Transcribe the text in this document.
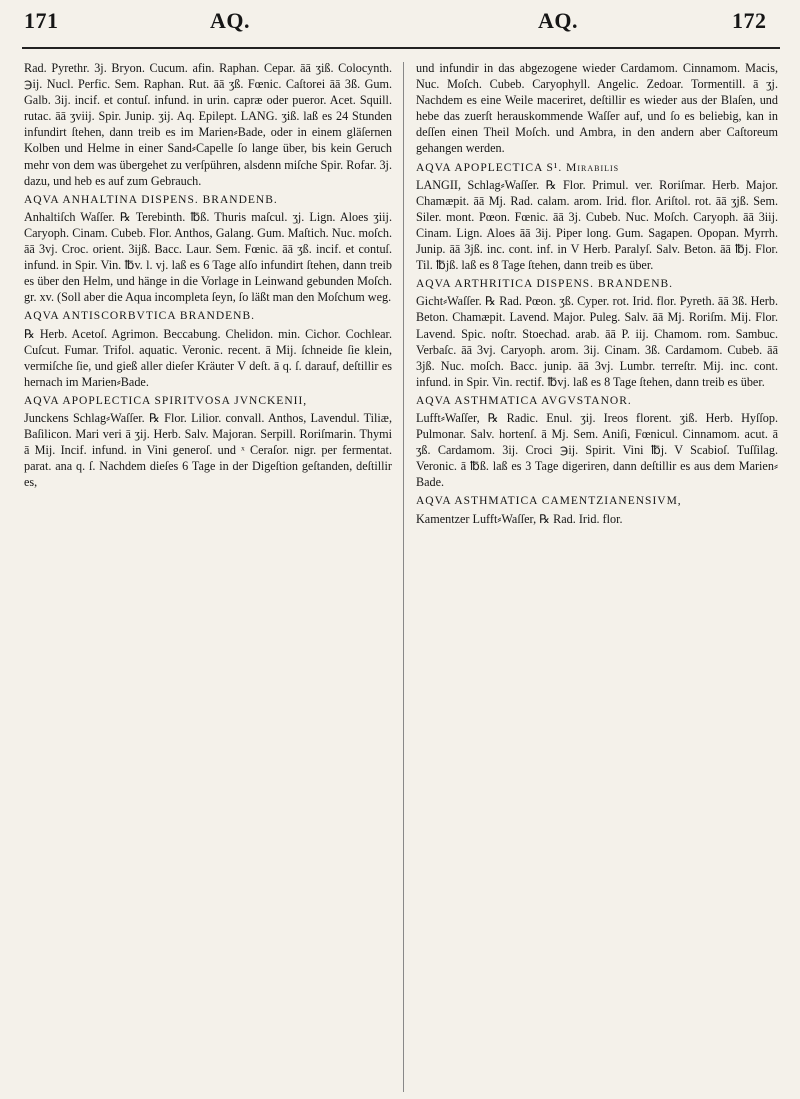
171	AQ.	AQ.	172

Rad. Pyrethr. 3j. Bryon. Cucum. afin. Raphan. Cepar. āā ʒiß. Colocynth. ℈ij. Nucl. Perfic. Sem. Raphan. Rut. āā ʒß. Fœnic. Caſtorei āā 3ß. Gum. Galb. 3ij. incif. et contuſ. infund. in urin. capræ oder pueror. Acet. Squill. rutac. āā ʒviij. Spir. Junip. ʒij. Aq. Epilept. LANG. ʒiß. laß es 24 Stunden infundirt ſtehen, dann treib es im Marien⸗Bade, oder in einem gläſernen Kolben und Helme in einer Sand⸗Capelle ſo lange über, bis kein Geruch mehr von dem was übergehet zu verſpühren, alsdenn miſche Spir. Rofar. 3j. dazu, und heb es auf zum Gebrauch.

AQVA ANHALTINA DISPENS. BRANDENB.

Anhaltiſch Waſſer. ℞ Terebinth. ℔ß. Thuris maſcul. ʒj. Lign. Aloes ʒiij. Caryoph. Cinam. Cubeb. Flor. Anthos, Galang. Gum. Maſtich. Nuc. moſch. āā 3vj. Croc. orient. 3ijß. Bacc. Laur. Sem. Fœnic. āā ʒß. incif. et contuſ. infund. in Spir. Vin. ℔v. l. vj. laß es 6 Tage alſo infundirt ſtehen, dann treib es über den Helm, und hänge in die Vorlage in Leinwand gebunden Moſch. gr. xv. (Soll aber die Aqua incompleta ſeyn, ſo läßt man den Moſchum weg.

AQVA ANTISCORBVTICA BRANDENB.

℞ Herb. Acetoſ. Agrimon. Beccabung. Chelidon. min. Cichor. Cochlear. Cuſcut. Fumar. Trifol. aquatic. Veronic. recent. ā Mij. ſchneide ſie klein, vermiſche ſie, und gieß aller dieſer Kräuter V deſt. ā q. ſ. darauf, deſtillir es hernach im Marien⸗Bade.

AQVA APOPLECTICA SPIRITVOSA JVNCKENII,

Junckens Schlag⸗Waſſer. ℞ Flor. Lilior. convall. Anthos, Lavendul. Tiliæ, Baſilicon. Mari veri ā ʒij. Herb. Salv. Majoran. Serpill. Roriſmarin. Thymi ā Mij. Incif. infund. in Vini generoſ. und ˣ Ceraſor. nigr. per fermentat. parat. ana q. ſ. Nachdem dieſes 6 Tage in der Digeſtion geſtanden, deſtillir es,

und infundir in das abgezogene wieder Cardamom. Cinnamom. Macis, Nuc. Moſch. Cubeb. Caryophyll. Angelic. Zedoar. Tormentill. ā ʒj. Nachdem es eine Weile maceriret, deſtillir es wieder aus der Blaſen, und hebe das zuerſt herauskommende Waſſer auf, und ſo es beliebig, kan in deſſen einen Theil Moſch. und Ambra, in den andern aber Caſtoreum gehangen werden.

AQVA APOPLECTICA S¹. Mirabilis

LANGII, Schlag⸗Waſſer. ℞ Flor. Primul. ver. Roriſmar. Herb. Major. Chamæpit. āā Mj. Rad. calam. arom. Irid. flor. Ariſtol. rot. āā ʒjß. Sem. Siler. mont. Pœon. Fœnic. āā 3j. Cubeb. Nuc. Moſch. Caryoph. āā 3iij. Cinam. Lign. Aloes āā 3ij. Piper long. Gum. Sagapen. Opopan. Myrrh. Junip. āā 3jß. inc. cont. inf. in V Herb. Paralyſ. Salv. Beton. āā ℔j. Flor. Til. ℔jß. laß es 8 Tage ſtehen, dann treib es über.

AQVA ARTHRITICA DISPENS. BRANDENB.

Gicht⸗Waſſer. ℞ Rad. Pœon. ʒß. Cyper. rot. Irid. flor. Pyreth. āā 3ß. Herb. Beton. Chamæpit. Lavend. Major. Puleg. Salv. āā Mj. Roriſm. Mij. Flor. Lavend. Spic. noſtr. Stoechad. arab. āā P. iij. Chamom. rom. Sambuc. Verbaſc. āā 3vj. Caryoph. arom. 3ij. Cinam. 3ß. Cardamom. Cubeb. āā 3jß. Nuc. moſch. Bacc. junip. āā 3vj. Lumbr. terreſtr. Mij. inc. cont. infund. in Spir. Vin. rectif. ℔vj. laß es 8 Tage ſtehen, dann treib es über.

AQVA ASTHMATICA AVGVSTANOR.

Lufft⸗Waſſer, ℞ Radic. Enul. ʒij. Ireos florent. ʒiß. Herb. Hyſſop. Pulmonar. Salv. hortenſ. ā Mj. Sem. Aniſi, Fœnicul. Cinnamom. acut. ā ʒß. Cardamom. 3ij. Croci ℈ij. Spirit. Vini ℔j. V Scabioſ. Tuſſilag. Veronic. ā ℔ß. laß es 3 Tage digeriren, dann deſtillir es aus dem Marien⸗Bade.

AQVA ASTHMATICA CAMENTZIANENSIVM,

Kamentzer Lufft⸗Waſſer, ℞ Rad. Irid. flor.
